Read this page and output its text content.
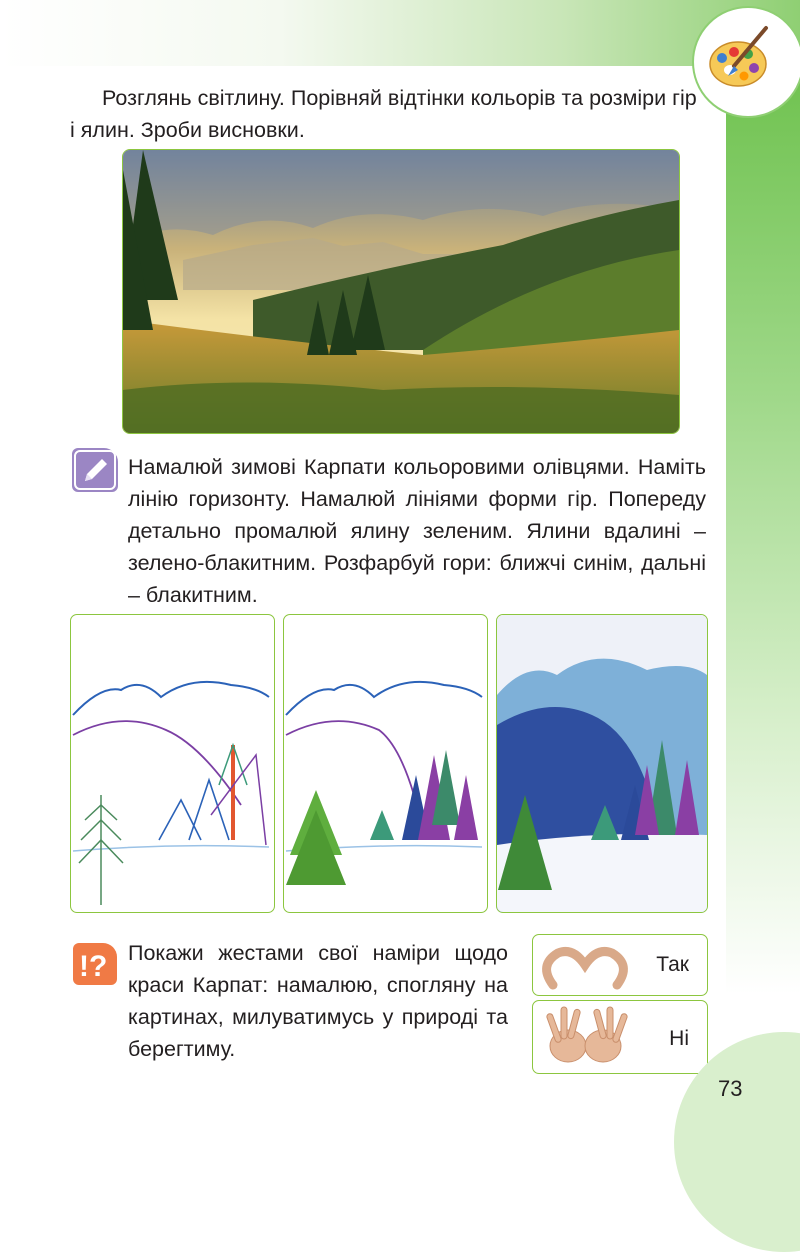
Розглянь світлину. Порівняй відтінки кольорів та розміри гір і ялин. Зроби висновки.

Намалюй зимові Карпати кольоровими олівцями. Наміть лінію горизонту. Намалюй лініями форми гір. Попереду детально промалюй ялину зеленим. Ялини вдалині – зелено-блакитним. Розфарбуй гори: ближчі синім, дальні – блакитним.

!? Покажи жестами свої наміри щодо краси Карпат: намалюю, спогляну на картинах, милуватимусь у природі та берегтиму.

Так
Ні
73
